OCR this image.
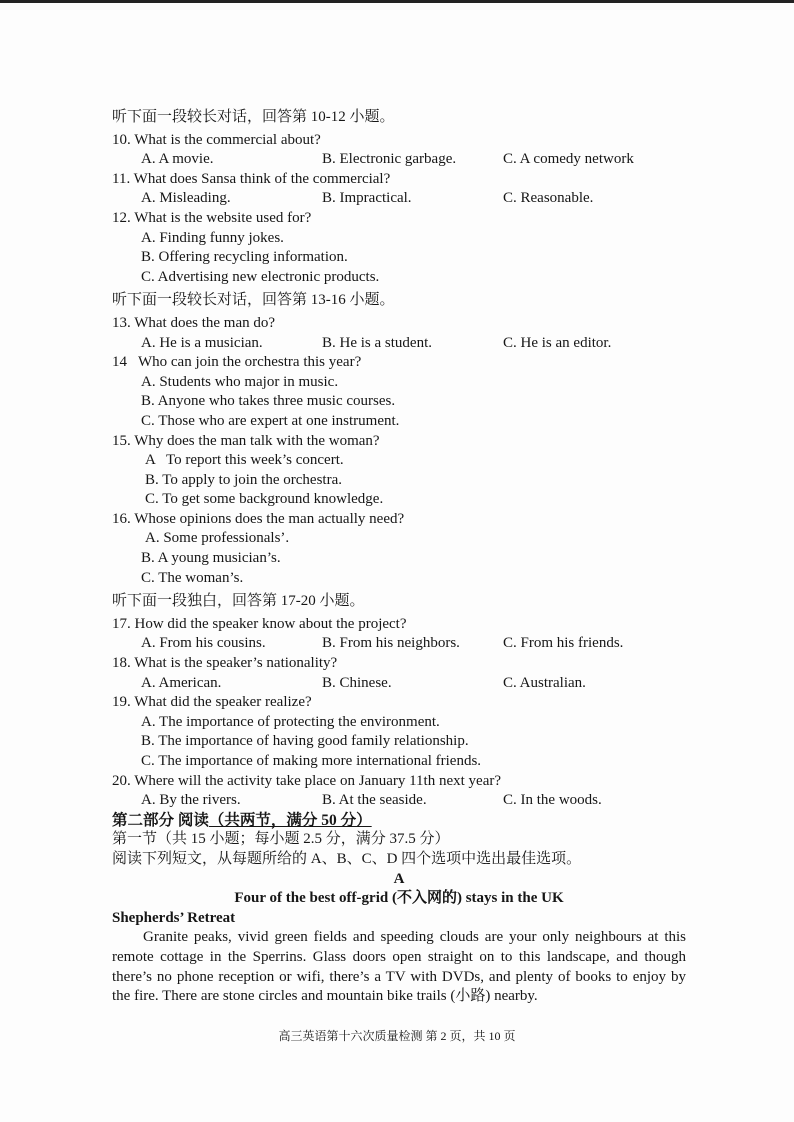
听下面一段较长对话，回答第 10-12 小题。
10. What is the commercial about?
A. A movie.	B. Electronic garbage.	C. A comedy network
11. What does Sansa think of the commercial?
A. Misleading.	B. Impractical.	C. Reasonable.
12. What is the website used for?
A. Finding funny jokes.
B. Offering recycling information.
C. Advertising new electronic products.
听下面一段较长对话，回答第 13-16 小题。
13. What does the man do?
A. He is a musician.	B. He is a student.	C. He is an editor.
14   Who can join the orchestra this year?
A. Students who major in music.
B. Anyone who takes three music courses.
C. Those who are expert at one instrument.
15. Why does the man talk with the woman?
A   To report this week’s concert.
B. To apply to join the orchestra.
C. To get some background knowledge.
16. Whose opinions does the man actually need?
A. Some professionals’.
B. A young musician’s.
C. The woman’s.
听下面一段独白，回答第 17-20 小题。
17. How did the speaker know about the project?
A. From his cousins.	B. From his neighbors.	C. From his friends.
18. What is the speaker’s nationality?
A. American.	B. Chinese.	C. Australian.
19. What did the speaker realize?
A. The importance of protecting the environment.
B. The importance of having good family relationship.
C. The importance of making more international friends.
20. Where will the activity take place on January 11th next year?
A. By the rivers.	B. At the seaside.	C. In the woods.
第二部分 阅读（共两节，满分 50 分）
第一节（共 15 小题；每小题 2.5 分，满分 37.5 分）
阅读下列短文，从每题所给的 A、B、C、D 四个选项中选出最佳选项。
A
Four of the best off-grid (不入网的) stays in the UK
Shepherds’ Retreat

Granite peaks, vivid green fields and speeding clouds are your only neighbours at this remote cottage in the Sperrins. Glass doors open straight on to this landscape, and though there’s no phone reception or wifi, there’s a TV with DVDs, and plenty of books to enjoy by the fire. There are stone circles and mountain bike trails (小路) nearby.

高三英语第十六次质量检测 第 2 页，共 10 页
